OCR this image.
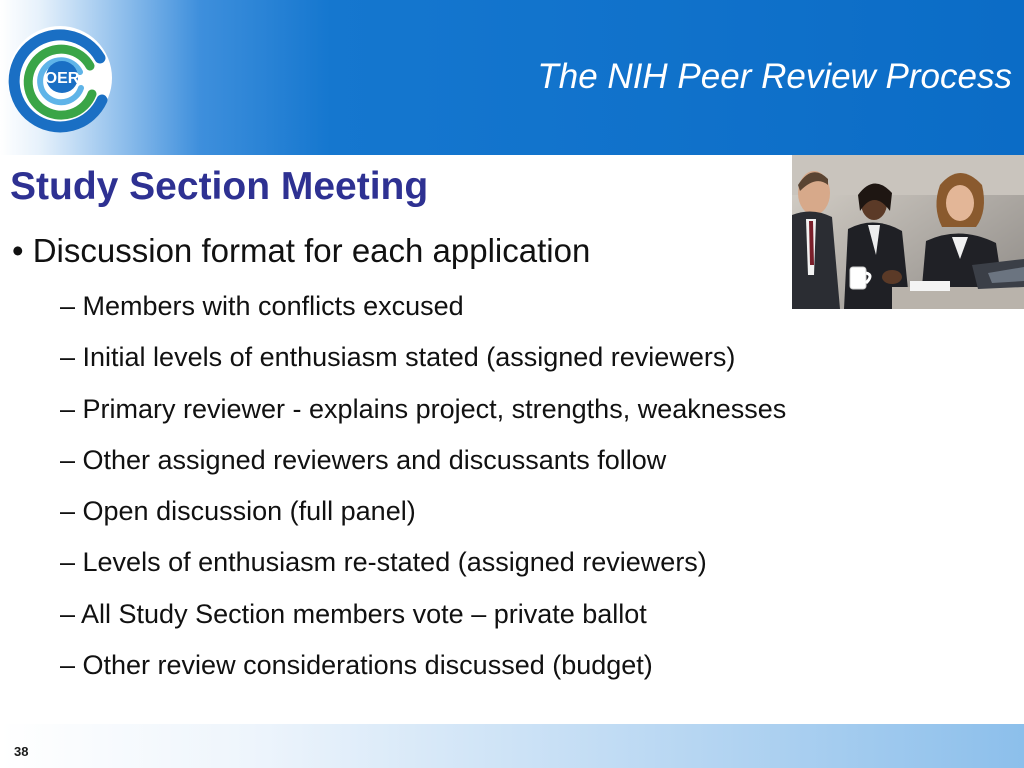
OER	The NIH Peer Review Process
Study Section Meeting
• Discussion format for each application
– Members with conflicts excused
– Initial levels of enthusiasm stated (assigned reviewers)
– Primary reviewer - explains project, strengths, weaknesses
– Other assigned reviewers and discussants follow
– Open discussion (full panel)
– Levels of enthusiasm re-stated (assigned reviewers)
– All Study Section members vote – private ballot
– Other review considerations discussed (budget)
38
